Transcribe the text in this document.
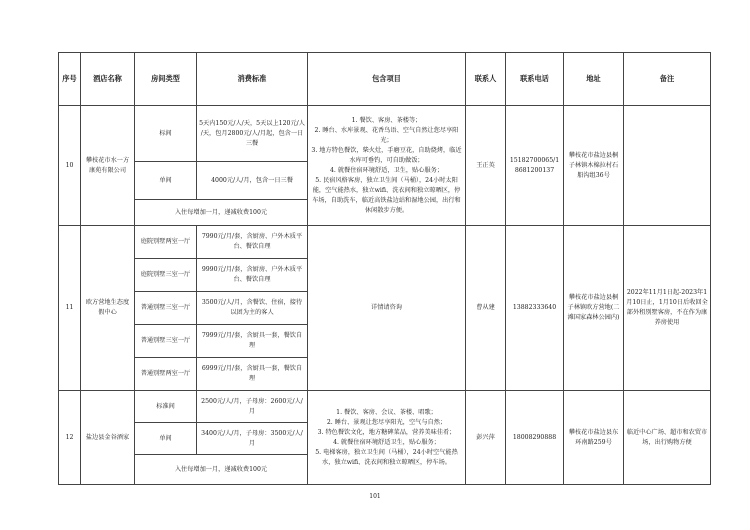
序号	酒店名称	房间类型	消费标准	包含项目	联系人	联系电话	地址	备注
10	攀枝花市水一方康苑有限公司	标间	5天内150元/人/天，5天以上120元/人 /天，包月2800元/人/月起，包含一日三餐	1. 餐饮、客房、茶楼等；
2. 睡台、水库景观、花香鸟语、空气自然让您尽享阳光；
3. 地方特色餐饮，柴火灶，手磨豆花，自助烧烤，临近水库可垂钓，可自助做饭；
4. 就餐住宿环境舒适，卫生，贴心服务；
5. 民宿风格客房，独立卫生间（马桶），24小时太阳能，空气能热水，独立wifi、洗衣间和独立晾晒区，停车场，自助洗车，临近高铁盐边站和湿地公园，出行和休闲散步方便。	王正英	15182700065/18681200137	攀枝花市盐边县桐子林镇木棉拉村石船沟组36号	
		单间	4000元/人/月，包含一日三餐					
		入住每增加一月，递减收费100元						
11	欧方营地生态度假中心	庭院别墅两室一厅	7990元/月/套，含厨房、户外木质平台、餐饮自理	详情请咨询	曹从建	13882333640	攀枝花市盐边县桐子林镇欧方营地(二滩国家森林公园内)	2022年11月1日起-2023年1月10日止，1月10日后收回全部外租别墅客房，不在作为康养房使用
		庭院别墅三室一厅	9990元/月/套，含厨房、户外木质平台、餐饮自理					
		普通别墅三室一厅	3500元/人/月，含餐饮、住宿，接待以团为主的客人					
		普通别墅三室一厅	7999元/月/套，含厨具一套，餐饮自理					
		普通别墅两室一厅	6999元/月/套，含厨具一套，餐饮自理					
12	盐边县金谷酒家	标准间	2500元/人/月，子母房：2600元/人/月	1. 餐饮、客房、会议、茶楼、唱歌；
2. 睡台、景观让您尽享阳光，空气与自然；
3. 特色餐饮文化，地方糖碑菜品，营养美味佳肴；
4. 就餐住宿环境舒适卫生，贴心服务；
5. 电梯客房，独立卫生间（马桶），24小时空气能热水，独立wifi、洗衣间和独立晾晒区，停车场。	彭兴萍	18008290888	攀枝花市盐边县东环南路259号	临近中心广场、超市和农贸市场，出行购物方便
		单间	3400元/人/月，子母房：3500元/人/月					
		入住每增加一月，递减收费100元						
101
